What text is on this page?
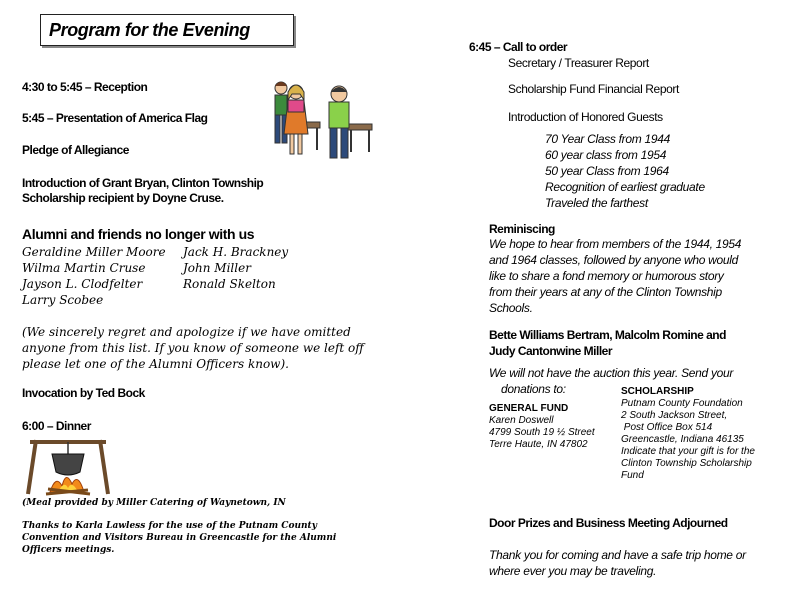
Program for the Evening
4:30 to 5:45 – Reception
5:45 – Presentation of America Flag
Pledge of Allegiance
Introduction of Grant Bryan, Clinton Township
Scholarship recipient by Doyne Cruse.
Alumni and friends no longer with us
Geraldine Miller Moore
Wilma Martin Cruse
Jayson L. Clodfelter
Larry Scobee
Jack H. Brackney
John Miller
Ronald Skelton
(We sincerely regret and apologize if we have omitted
anyone from this list. If you know of someone we left off
please let one of the Alumni Officers know).
Invocation by Ted Bock
6:00 – Dinner
(Meal provided by Miller Catering of Waynetown, IN
Thanks to Karla Lawless for the use of the Putnam County
Convention and Visitors Bureau in Greencastle for the Alumni
Officers meetings.
6:45 – Call to order
Secretary / Treasurer Report
Scholarship Fund Financial Report
Introduction of Honored Guests
70 Year Class from 1944
60 year class from 1954
50 year Class from 1964
Recognition of earliest graduate
Traveled the farthest
Reminiscing
We hope to hear from members of the 1944, 1954
and 1964 classes, followed by anyone who would
like to share a fond memory or humorous story
from their years at any of the Clinton Township
Schools.
Bette Williams Bertram, Malcolm Romine and
Judy Cantonwine Miller
We will not have the auction this year. Send your
donations to:
GENERAL FUND
Karen Doswell
4799 South 19 ½ Street
Terre Haute, IN 47802
SCHOLARSHIP
Putnam County Foundation
2 South Jackson Street,
Post Office Box 514
Greencastle, Indiana 46135
Indicate that your gift is for the
Clinton Township Scholarship
Fund
Door Prizes and Business Meeting Adjourned
Thank you for coming and have a safe trip home or
where ever you may be traveling.
